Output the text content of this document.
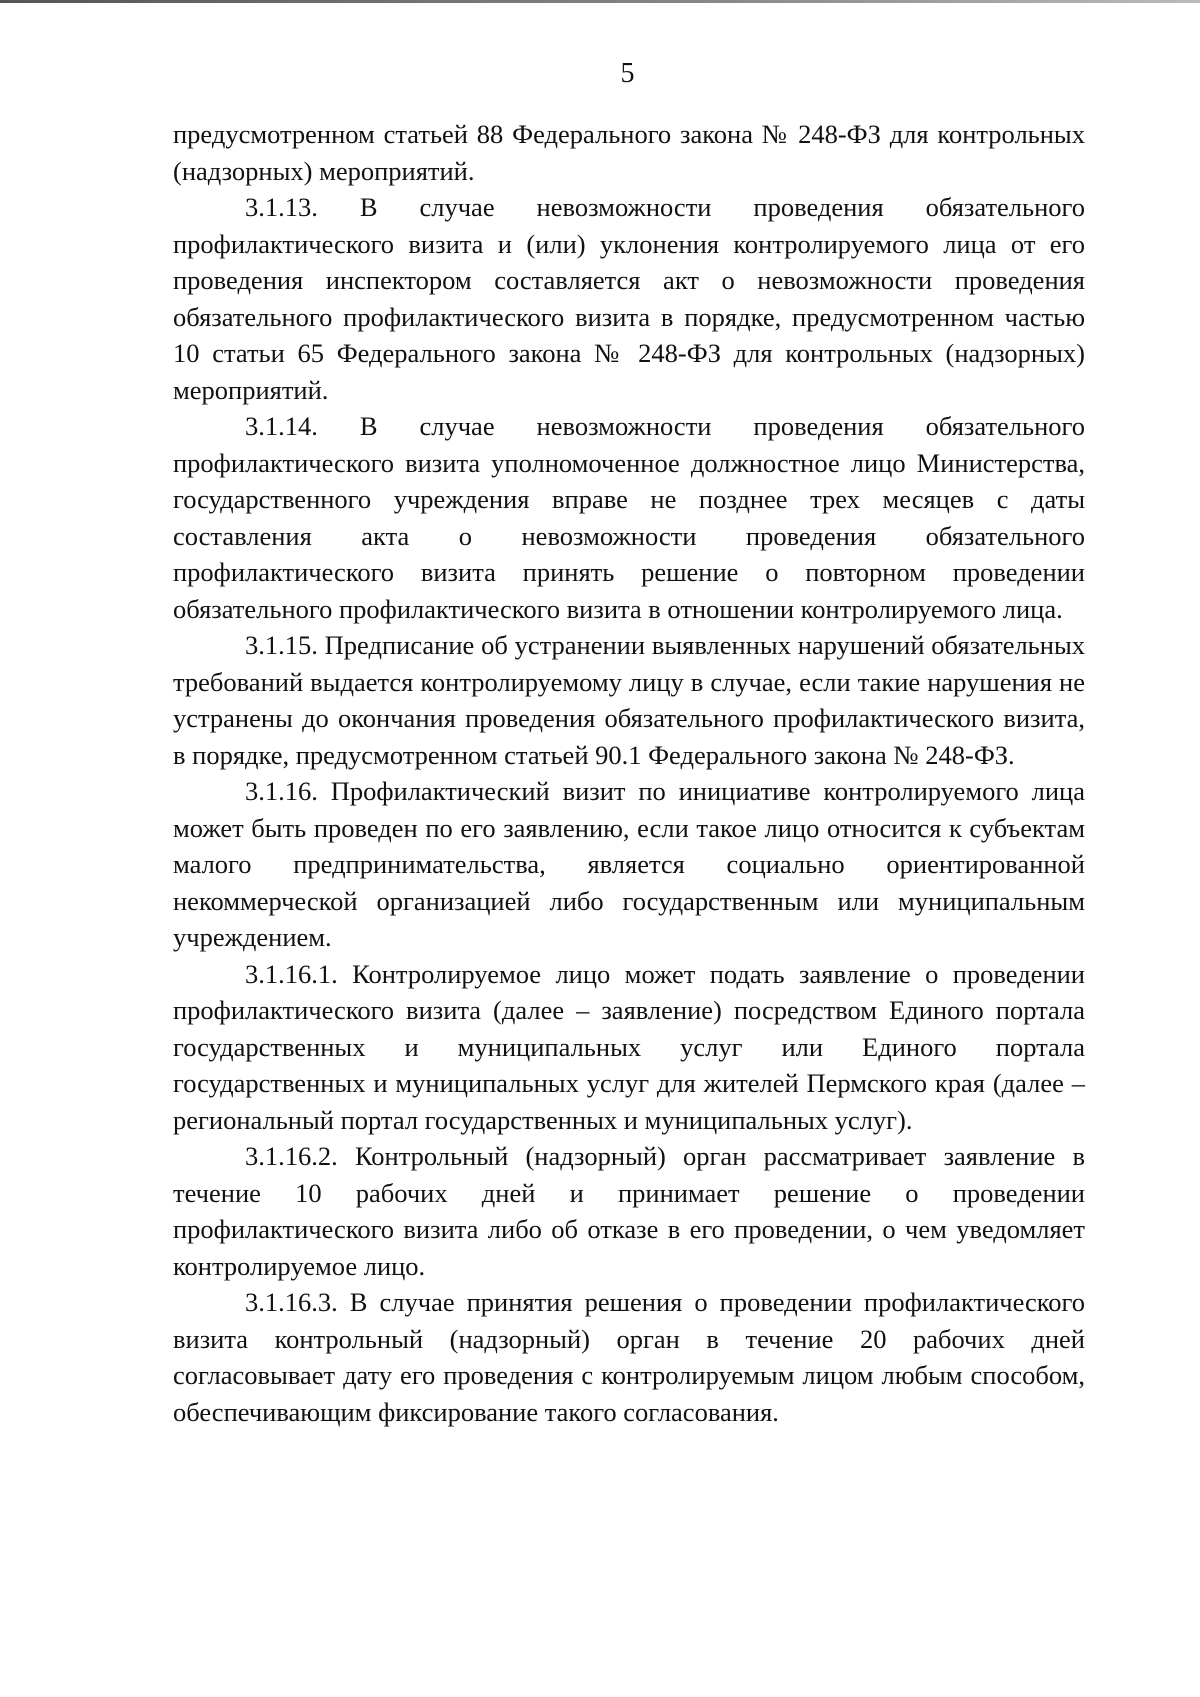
5

предусмотренном статьей 88 Федерального закона № 248-ФЗ для контрольных (надзорных) мероприятий.

3.1.13. В случае невозможности проведения обязательного профилактического визита и (или) уклонения контролируемого лица от его проведения инспектором составляется акт о невозможности проведения обязательного профилактического визита в порядке, предусмотренном частью 10 статьи 65 Федерального закона № 248-ФЗ для контрольных (надзорных) мероприятий.

3.1.14. В случае невозможности проведения обязательного профилактического визита уполномоченное должностное лицо Министерства, государственного учреждения вправе не позднее трех месяцев с даты составления акта о невозможности проведения обязательного профилактического визита принять решение о повторном проведении обязательного профилактического визита в отношении контролируемого лица.

3.1.15. Предписание об устранении выявленных нарушений обязательных требований выдается контролируемому лицу в случае, если такие нарушения не устранены до окончания проведения обязательного профилактического визита, в порядке, предусмотренном статьей 90.1 Федерального закона № 248-ФЗ.

3.1.16. Профилактический визит по инициативе контролируемого лица может быть проведен по его заявлению, если такое лицо относится к субъектам малого предпринимательства, является социально ориентированной некоммерческой организацией либо государственным или муниципальным учреждением.

3.1.16.1. Контролируемое лицо может подать заявление о проведении профилактического визита (далее – заявление) посредством Единого портала государственных и муниципальных услуг или Единого портала государственных и муниципальных услуг для жителей Пермского края (далее – региональный портал государственных и муниципальных услуг).

3.1.16.2. Контрольный (надзорный) орган рассматривает заявление в течение 10 рабочих дней и принимает решение о проведении профилактического визита либо об отказе в его проведении, о чем уведомляет контролируемое лицо.

3.1.16.3. В случае принятия решения о проведении профилактического визита контрольный (надзорный) орган в течение 20 рабочих дней согласовывает дату его проведения с контролируемым лицом любым способом, обеспечивающим фиксирование такого согласования.
